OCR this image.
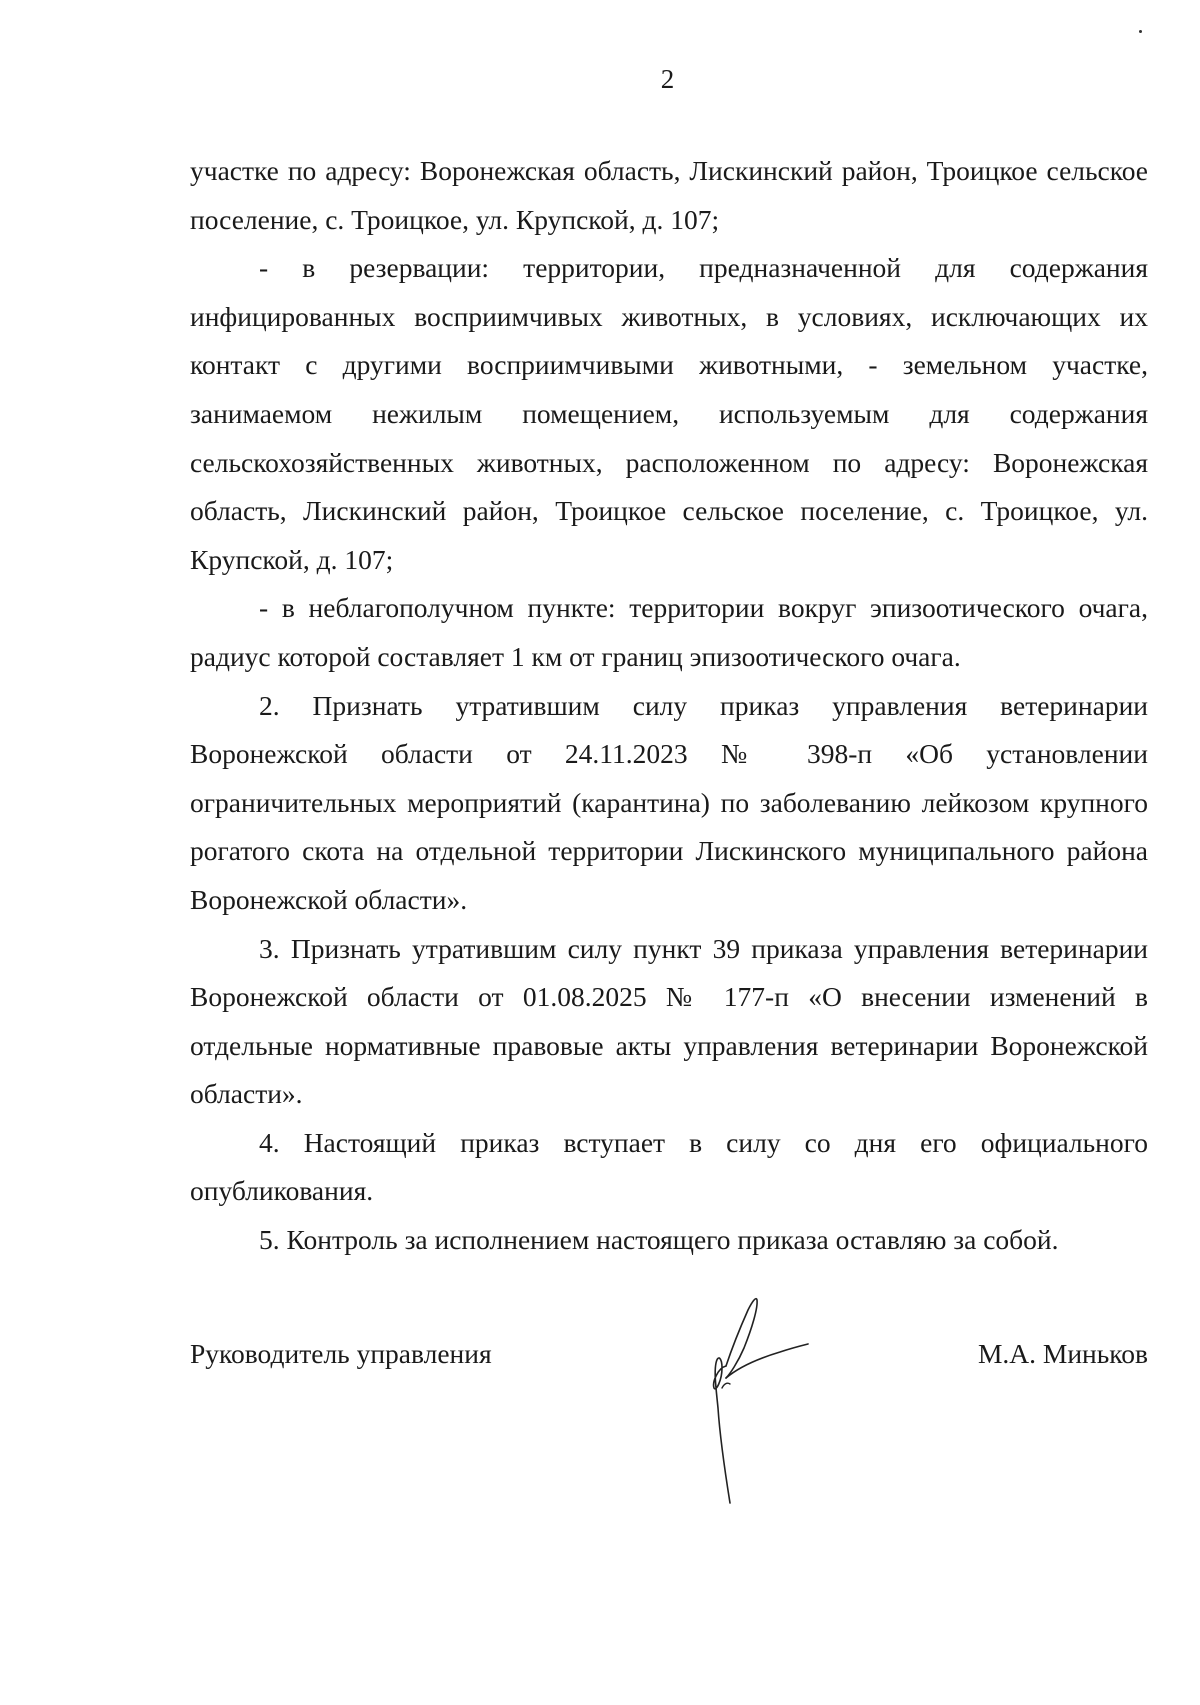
2

участке по адресу: Воронежская область, Лискинский район, Троицкое сельское поселение, с. Троицкое, ул. Крупской, д. 107;

- в резервации: территории, предназначенной для содержания инфицированных восприимчивых животных, в условиях, исключающих их контакт с другими восприимчивыми животными, - земельном участке, занимаемом нежилым помещением, используемым для содержания сельскохозяйственных животных, расположенном по адресу: Воронежская область, Лискинский район, Троицкое сельское поселение, с. Троицкое, ул. Крупской, д. 107;

- в неблагополучном пункте: территории вокруг эпизоотического очага, радиус которой составляет 1 км от границ эпизоотического очага.

2. Признать утратившим силу приказ управления ветеринарии Воронежской области от 24.11.2023 № 398-п «Об установлении ограничительных мероприятий (карантина) по заболеванию лейкозом крупного рогатого скота на отдельной территории Лискинского муниципального района Воронежской области».

3. Признать утратившим силу пункт 39 приказа управления ветеринарии Воронежской области от 01.08.2025 № 177-п «О внесении изменений в отдельные нормативные правовые акты управления ветеринарии Воронежской области».

4. Настоящий приказ вступает в силу со дня его официального опубликования.

5. Контроль за исполнением настоящего приказа оставляю за собой.

Руководитель управления	М.А. Миньков
